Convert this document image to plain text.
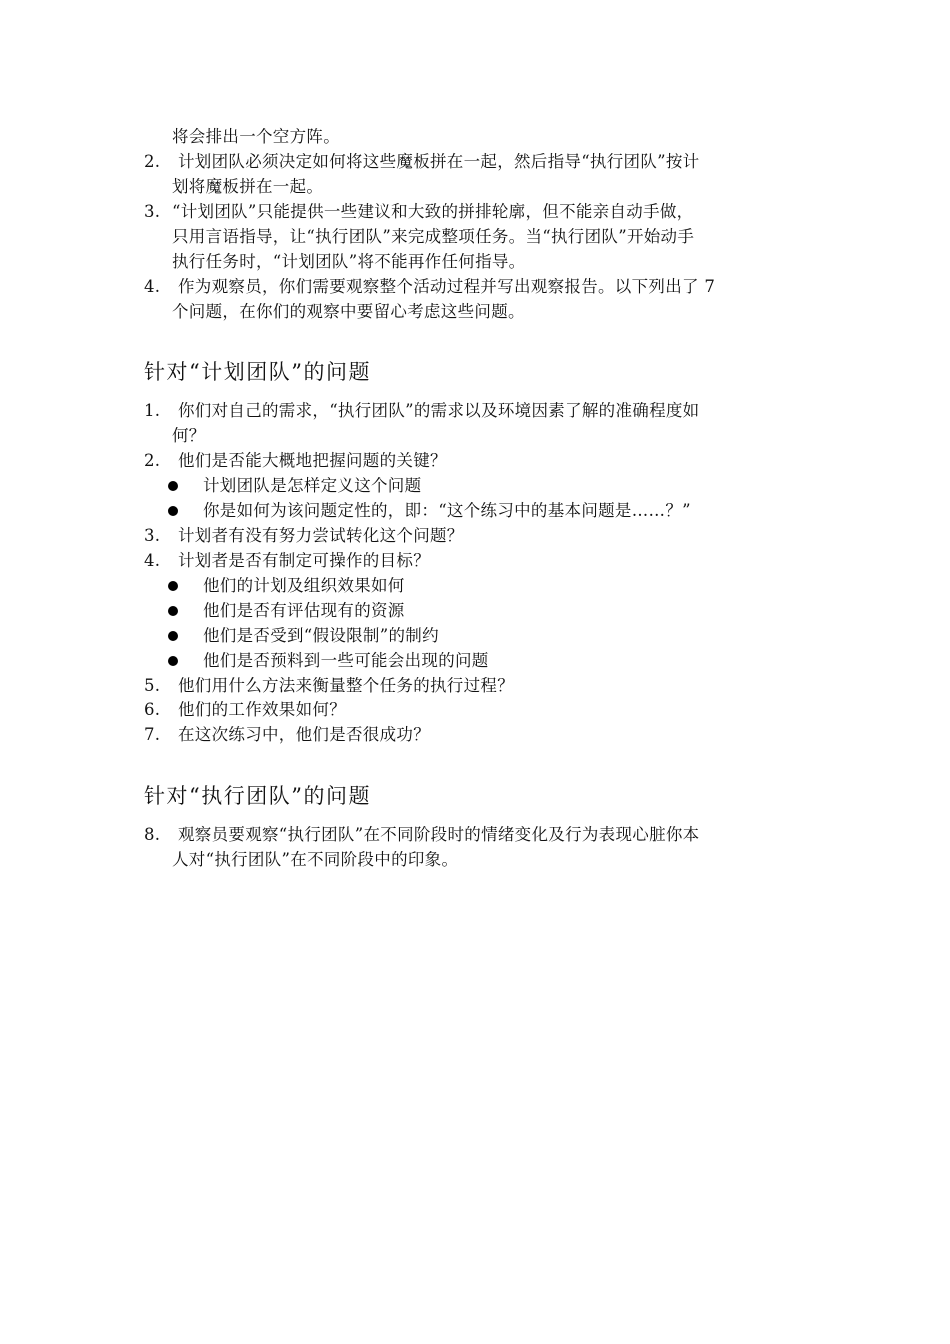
将会排出一个空方阵。
2. 计划团队必须决定如何将这些魔板拼在一起，然后指导“执行团队”按计
划将魔板拼在一起。
3. “计划团队”只能提供一些建议和大致的拼排轮廓，但不能亲自动手做，
只用言语指导，让“执行团队”来完成整项任务。当“执行团队”开始动手
执行任务时，“计划团队”将不能再作任何指导。
4. 作为观察员，你们需要观察整个活动过程并写出观察报告。以下列出了 7
个问题，在你们的观察中要留心考虑这些问题。
针对“计划团队”的问题
1. 你们对自己的需求，“执行团队”的需求以及环境因素了解的准确程度如
何？
2. 他们是否能大概地把握问题的关键？
计划团队是怎样定义这个问题
你是如何为该问题定性的，即：“这个练习中的基本问题是……？”
3. 计划者有没有努力尝试转化这个问题？
4. 计划者是否有制定可操作的目标？
他们的计划及组织效果如何
他们是否有评估现有的资源
他们是否受到“假设限制”的制约
他们是否预料到一些可能会出现的问题
5. 他们用什么方法来衡量整个任务的执行过程？
6. 他们的工作效果如何？
7. 在这次练习中，他们是否很成功？
针对“执行团队”的问题
8. 观察员要观察“执行团队”在不同阶段时的情绪变化及行为表现心脏你本
人对“执行团队”在不同阶段中的印象。
